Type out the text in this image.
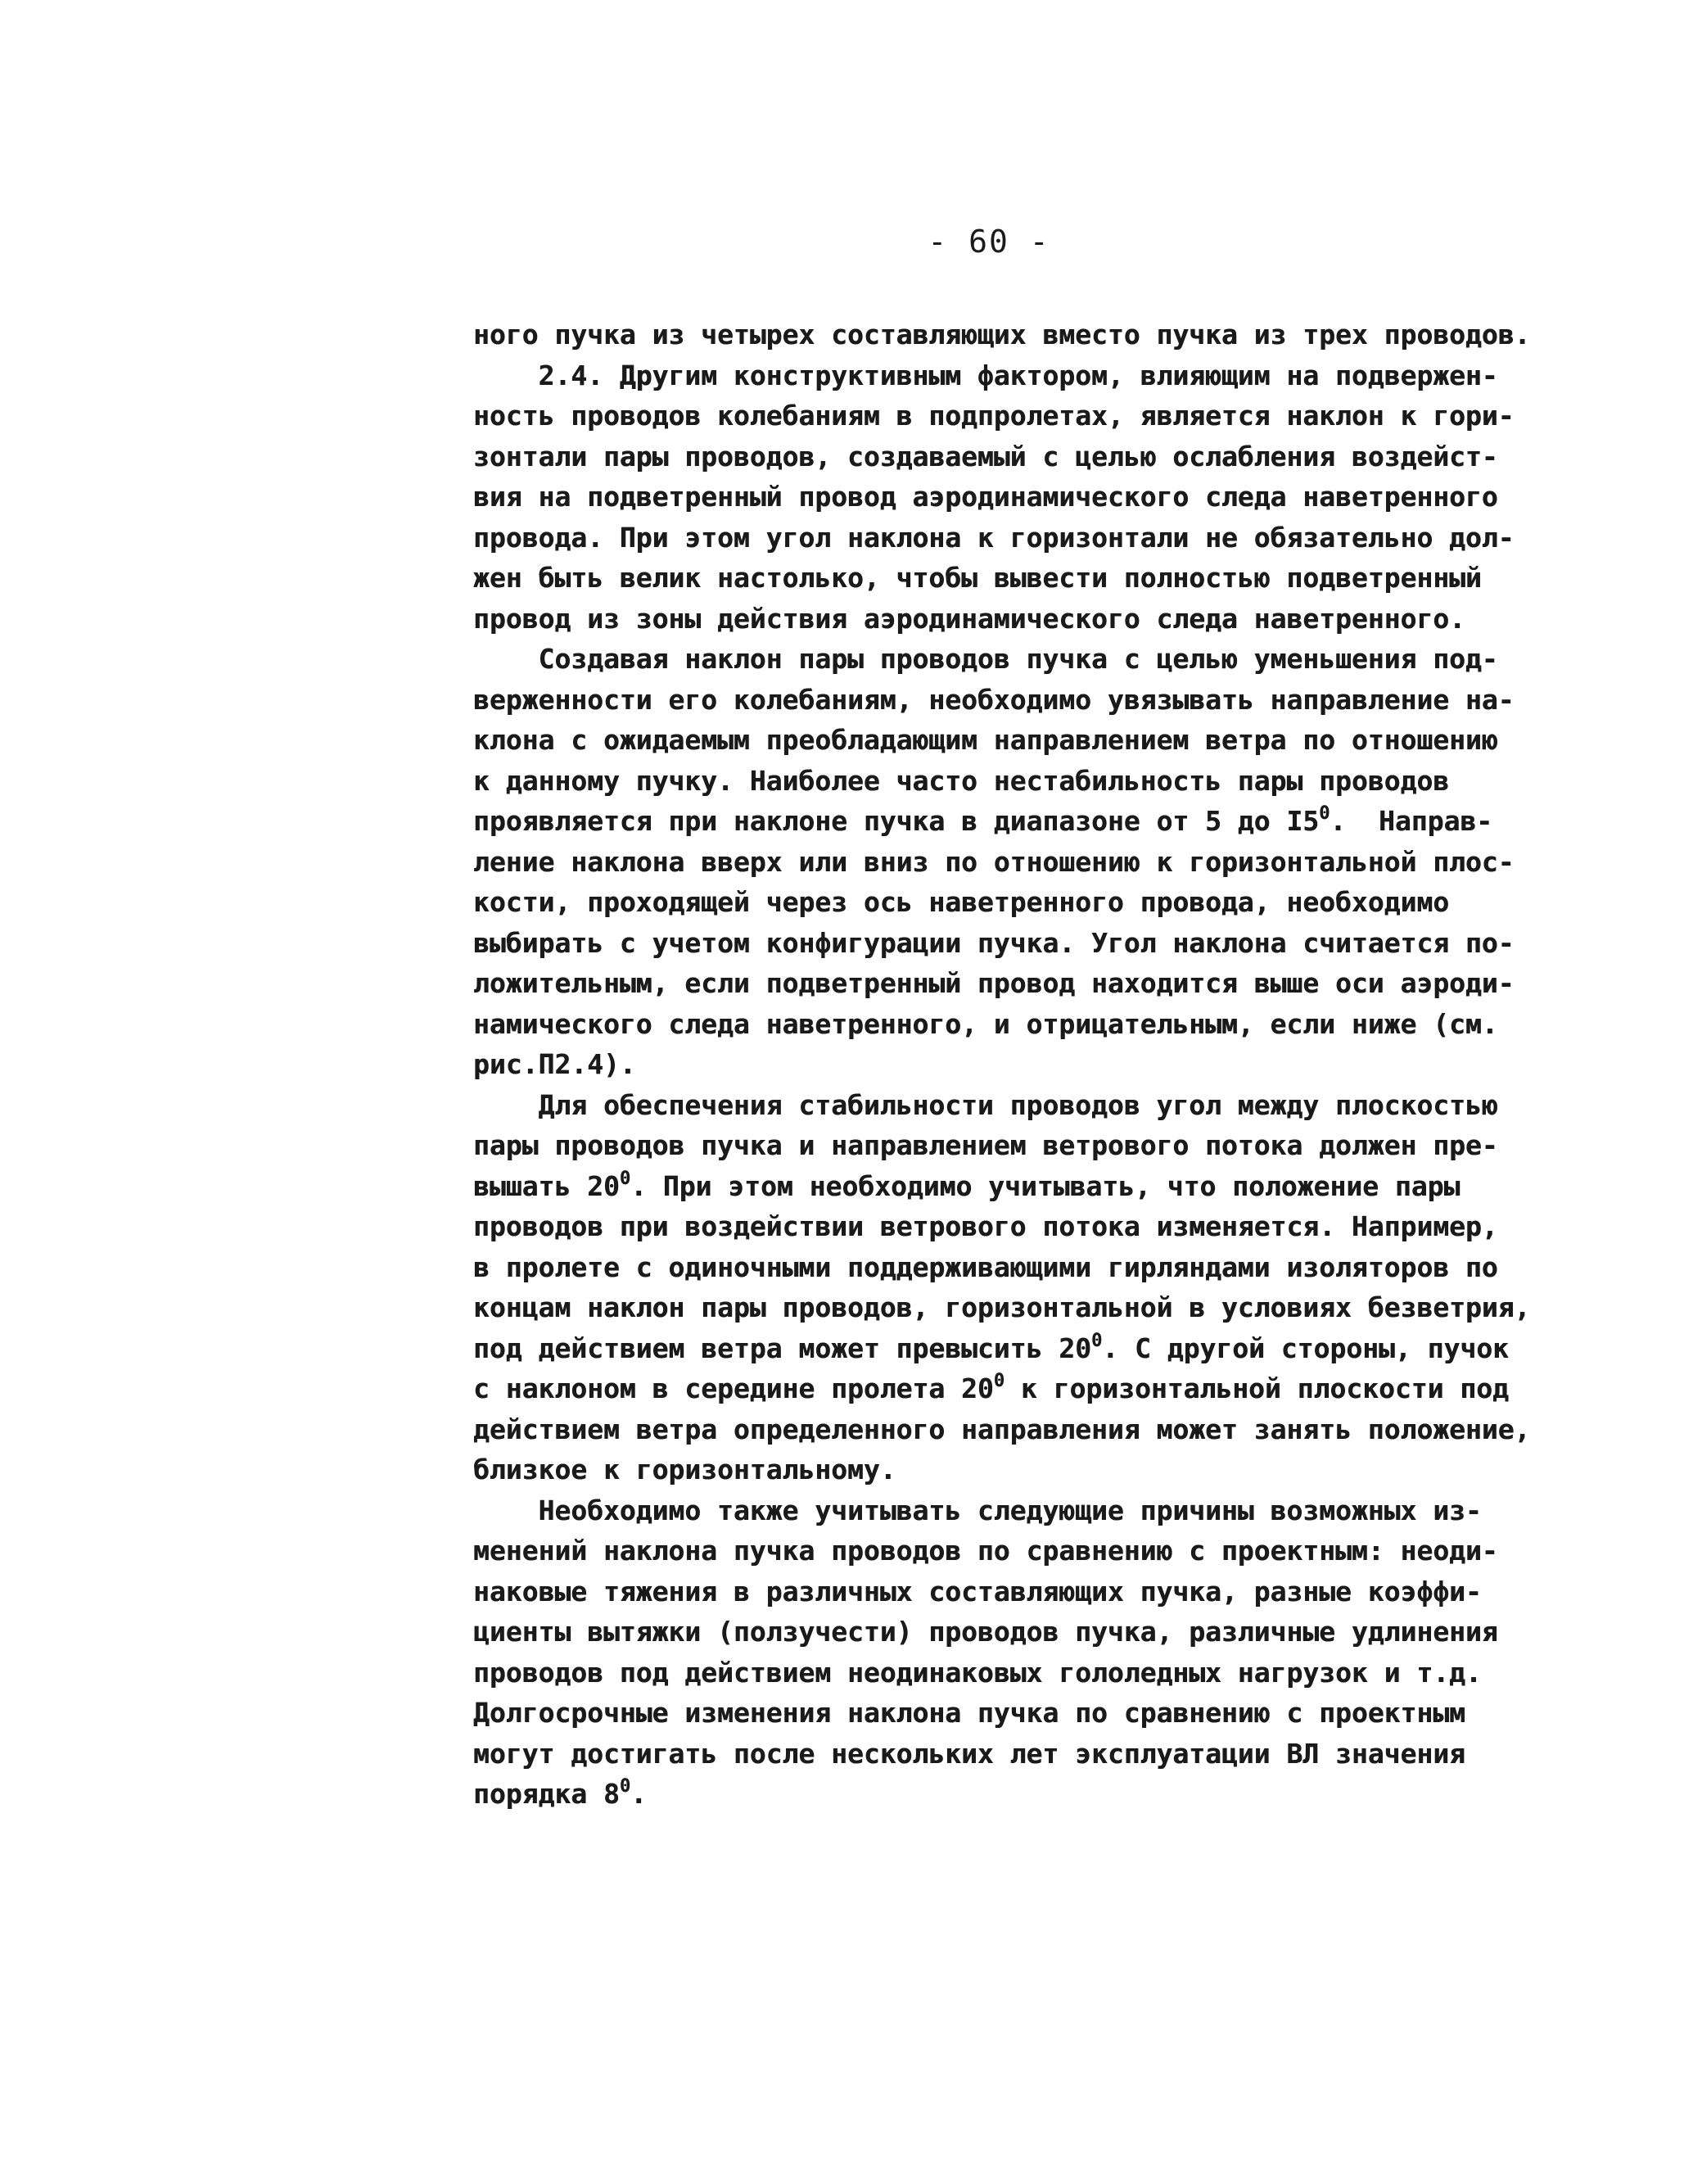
- 60 -
ного пучка из четырех составляющих вместо пучка из трех проводов.
2.4. Другим конструктивным фактором, влияющим на подвержен-
ность проводов колебаниям в подпролетах, является наклон к гори-
зонтали пары проводов, создаваемый с целью ослабления воздейст-
вия на подветренный провод аэродинамического следа наветренного
провода. При этом угол наклона к горизонтали не обязательно дол-
жен быть велик настолько, чтобы вывести полностью подветренный
провод из зоны действия аэродинамического следа наветренного.
Создавая наклон пары проводов пучка с целью уменьшения под-
верженности его колебаниям, необходимо увязывать направление на-
клона с ожидаемым преобладающим направлением ветра по отношению
к данному пучку. Наиболее часто нестабильность пары проводов
проявляется при наклоне пучка в диапазоне от 5 до $I5^0$.  Направ-
ление наклона вверх или вниз по отношению к горизонтальной плос-
кости, проходящей через ось наветренного провода, необходимо
выбирать с учетом конфигурации пучка. Угол наклона считается по-
ложительным, если подветренный провод находится выше оси аэроди-
намического следа наветренного, и отрицательным, если ниже (см.
рис.П2.4).
Для обеспечения стабильности проводов угол между плоскостью
пары проводов пучка и направлением ветрового потока должен пре-
вышать $20^0$. При этом необходимо учитывать, что положение пары
проводов при воздействии ветрового потока изменяется. Например,
в пролете с одиночными поддерживающими гирляндами изоляторов по
концам наклон пары проводов, горизонтальной в условиях безветрия,
под действием ветра может превысить $20^0$. С другой стороны, пучок
с наклоном в середине пролета $20^0$ к горизонтальной плоскости под
действием ветра определенного направления может занять положение,
близкое к горизонтальному.
Необходимо также учитывать следующие причины возможных из-
менений наклона пучка проводов по сравнению с проектным: неоди-
наковые тяжения в различных составляющих пучка, разные коэффи-
циенты вытяжки (ползучести) проводов пучка, различные удлинения
проводов под действием неодинаковых гололедных нагрузок и т.д.
Долгосрочные изменения наклона пучка по сравнению с проектным
могут достигать после нескольких лет эксплуатации ВЛ значения
порядка $8^0$.
